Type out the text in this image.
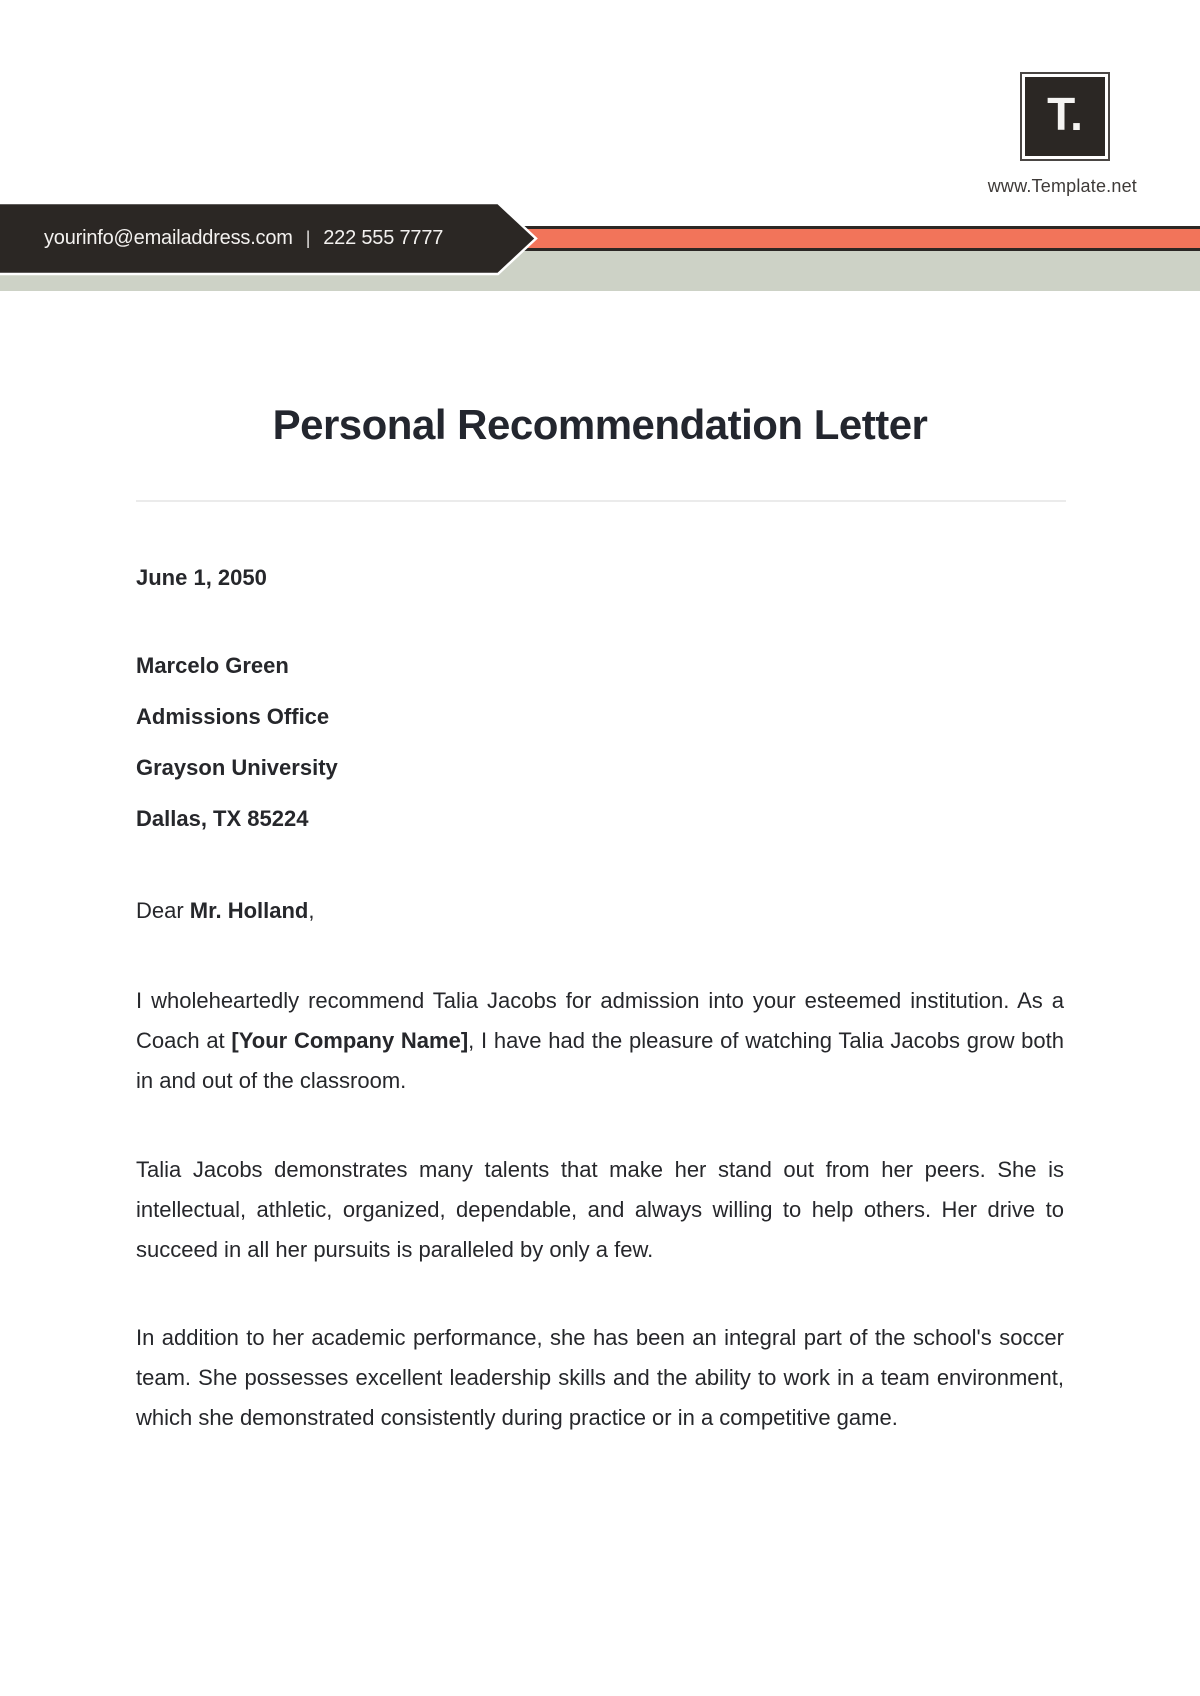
T.
www.Template.net
yourinfo@emailaddress.com | 222 555 7777
Personal Recommendation Letter
June 1, 2050
Marcelo Green
Admissions Office
Grayson University
Dallas, TX 85224
Dear Mr. Holland,
I wholeheartedly recommend Talia Jacobs for admission into your esteemed institution. As a Coach at [Your Company Name], I have had the pleasure of watching Talia Jacobs grow both in and out of the classroom.
Talia Jacobs demonstrates many talents that make her stand out from her peers. She is intellectual, athletic, organized, dependable, and always willing to help others. Her drive to succeed in all her pursuits is paralleled by only a few.
In addition to her academic performance, she has been an integral part of the school's soccer team. She possesses excellent leadership skills and the ability to work in a team environment, which she demonstrated consistently during practice or in a competitive game.
